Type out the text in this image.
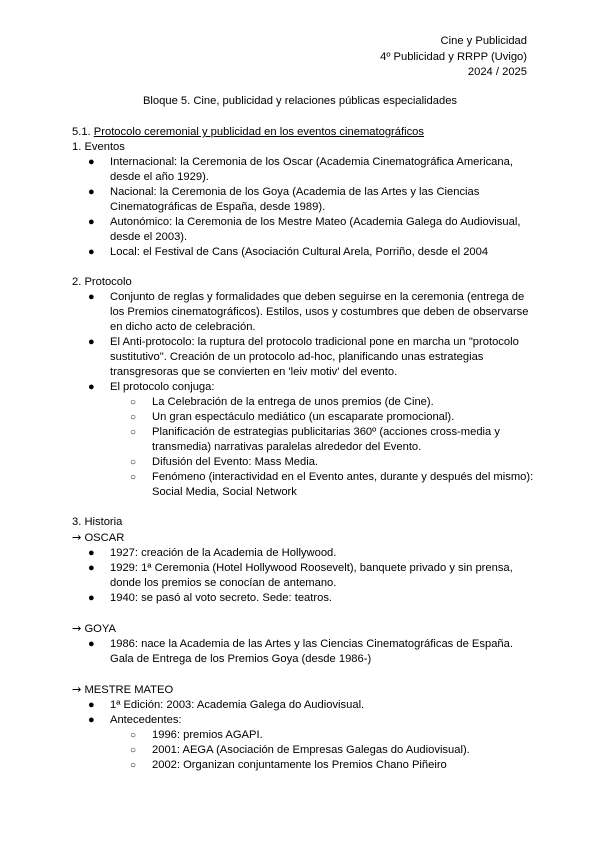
Cine y Publicidad
4º Publicidad y RRPP (Uvigo)
2024 / 2025
Bloque 5. Cine, publicidad y relaciones públicas especialidades
5.1. Protocolo ceremonial y publicidad en los eventos cinematográficos
1. Eventos
● Internacional: la Ceremonia de los Oscar (Academia Cinematográfica Americana,
desde el año 1929).
● Nacional: la Ceremonia de los Goya (Academia de las Artes y las Ciencias
Cinematográficas de España, desde 1989).
● Autonómico: la Ceremonia de los Mestre Mateo (Academia Galega do Audiovisual,
desde el 2003).
● Local: el Festival de Cans (Asociación Cultural Arela, Porriño, desde el 2004
2. Protocolo
● Conjunto de reglas y formalidades que deben seguirse en la ceremonia (entrega de
los Premios cinematográficos). Estilos, usos y costumbres que deben de observarse
en dicho acto de celebración.
● El Anti-protocolo: la ruptura del protocolo tradicional pone en marcha un "protocolo
sustitutivo". Creación de un protocolo ad-hoc, planificando unas estrategias
transgresoras que se convierten en 'leiv motiv' del evento.
● El protocolo conjuga:
○ La Celebración de la entrega de unos premios (de Cine).
○ Un gran espectáculo mediático (un escaparate promocional).
○ Planificación de estrategias publicitarias 360º (acciones cross-media y
transmedia) narrativas paralelas alrededor del Evento.
○ Difusión del Evento: Mass Media.
○ Fenómeno (interactividad en el Evento antes, durante y después del mismo):
Social Media, Social Network
3. Historia
→ OSCAR
● 1927: creación de la Academia de Hollywood.
● 1929: 1ª Ceremonia (Hotel Hollywood Roosevelt), banquete privado y sin prensa,
donde los premios se conocían de antemano.
● 1940: se pasó al voto secreto. Sede: teatros.
→ GOYA
● 1986: nace la Academia de las Artes y las Ciencias Cinematográficas de España.
Gala de Entrega de los Premios Goya (desde 1986-)
→ MESTRE MATEO
● 1ª Edición: 2003: Academia Galega do Audiovisual.
● Antecedentes:
○ 1996: premios AGAPI.
○ 2001: AEGA (Asociación de Empresas Galegas do Audiovisual).
○ 2002: Organizan conjuntamente los Premios Chano Piñeiro
